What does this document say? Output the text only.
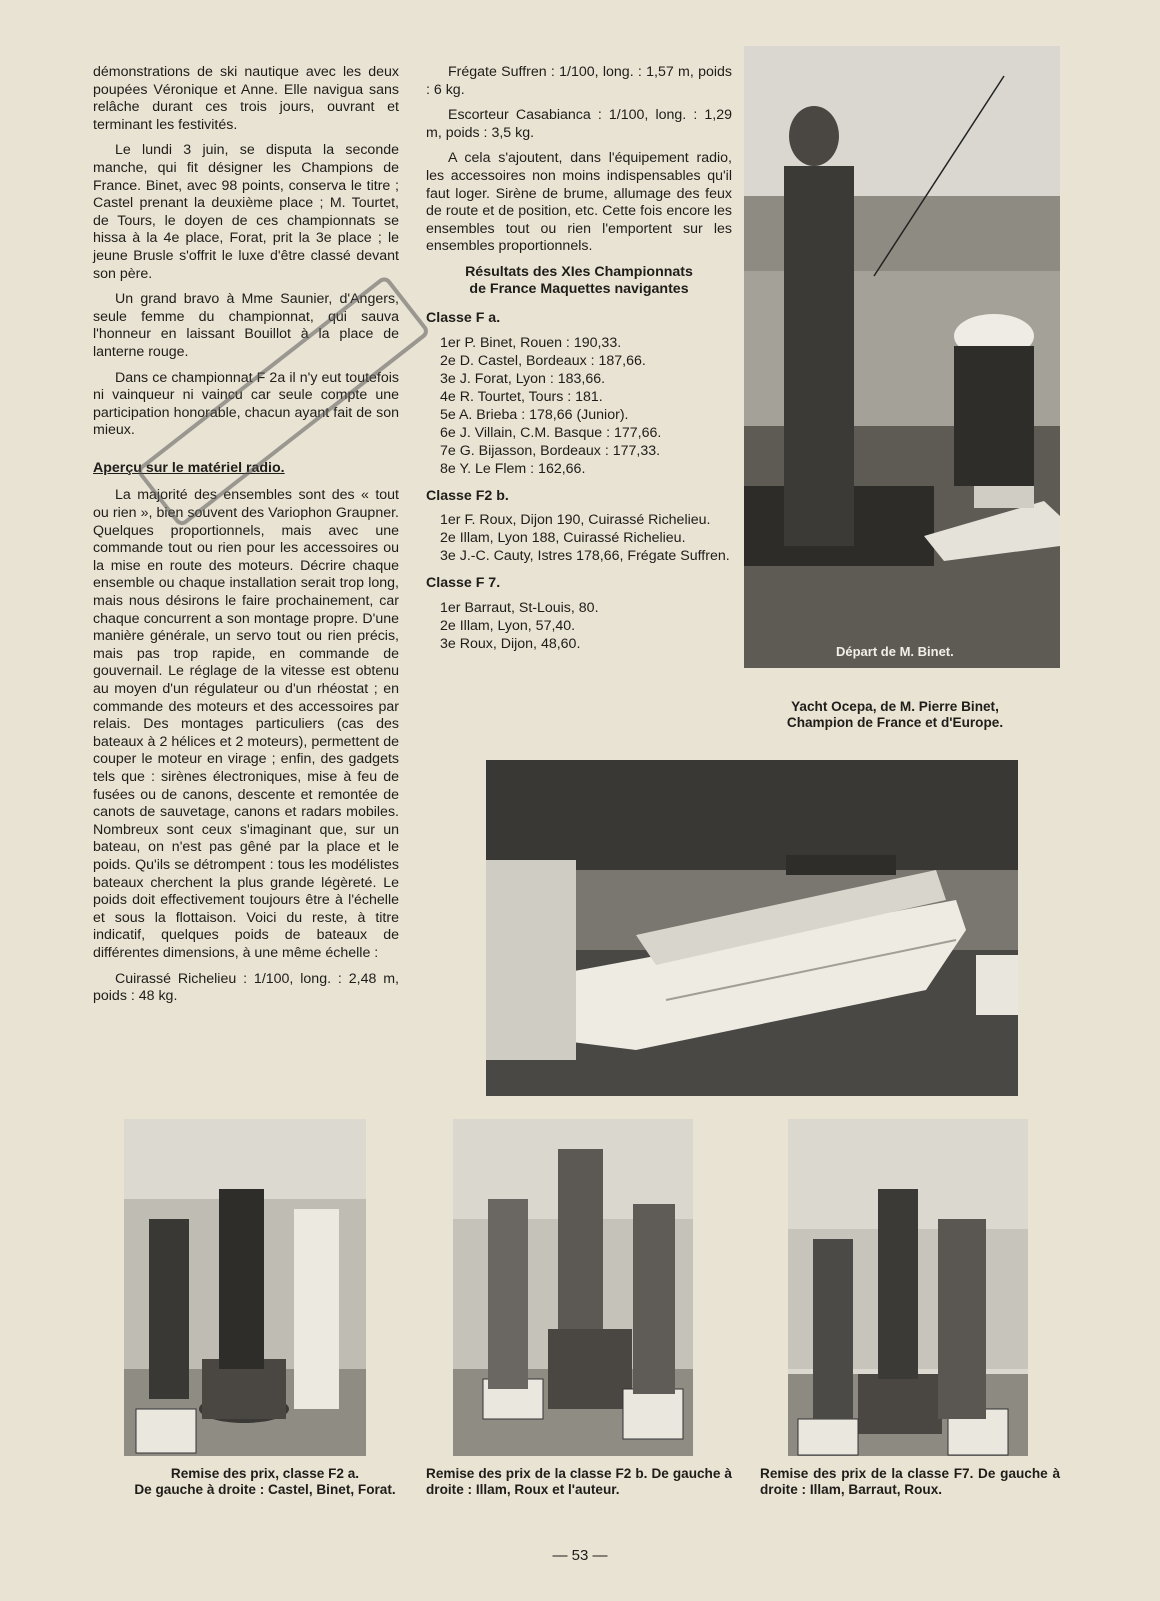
démonstrations de ski nautique avec les deux poupées Véronique et Anne. Elle navigua sans relâche durant ces trois jours, ouvrant et terminant les festivités.

Le lundi 3 juin, se disputa la seconde manche, qui fit désigner les Champions de France. Binet, avec 98 points, conserva le titre ; Castel prenant la deuxième place ; M. Tourtet, de Tours, le doyen de ces championnats se hissa à la 4e place, Forat, prit la 3e place ; le jeune Brusle s'offrit le luxe d'être classé devant son père.

Un grand bravo à Mme Saunier, d'Angers, seule femme du championnat, qui sauva l'honneur en laissant Bouillot à la place de lanterne rouge.

Dans ce championnat F 2a il n'y eut toutefois ni vainqueur ni vaincu car seule compte une participation honorable, chacun ayant fait de son mieux.

Aperçu sur le matériel radio.

La majorité des ensembles sont des « tout ou rien », bien souvent des Variophon Graupner. Quelques proportionnels, mais avec une commande tout ou rien pour les accessoires ou la mise en route des moteurs. Décrire chaque ensemble ou chaque installation serait trop long, mais nous désirons le faire prochainement, car chaque concurrent a son montage propre. D'une manière générale, un servo tout ou rien précis, mais pas trop rapide, en commande de gouvernail. Le réglage de la vitesse est obtenu au moyen d'un régulateur ou d'un rhéostat ; en commande des moteurs et des accessoires par relais. Des montages particuliers (cas des bateaux à 2 hélices et 2 moteurs), permettent de couper le moteur en virage ; enfin, des gadgets tels que : sirènes électroniques, mise à feu de fusées ou de canons, descente et remontée de canots de sauvetage, canons et radars mobiles. Nombreux sont ceux s'imaginant que, sur un bateau, on n'est pas gêné par la place et le poids. Qu'ils se détrompent : tous les modélistes bateaux cherchent la plus grande légèreté. Le poids doit effectivement toujours être à l'échelle et sous la flottaison. Voici du reste, à titre indicatif, quelques poids de bateaux de différentes dimensions, à une même échelle :

Cuirassé Richelieu : 1/100, long. : 2,48 m, poids : 48 kg.

Frégate Suffren : 1/100, long. : 1,57 m, poids : 6 kg.

Escorteur Casabianca : 1/100, long. : 1,29 m, poids : 3,5 kg.

A cela s'ajoutent, dans l'équipement radio, les accessoires non moins indispensables qu'il faut loger. Sirène de brume, allumage des feux de route et de position, etc. Cette fois encore les ensembles tout ou rien l'emportent sur les ensembles proportionnels.

Résultats des XIes Championnats
de France Maquettes navigantes
Classe F a.
1er P. Binet, Rouen : 190,33.
2e D. Castel, Bordeaux : 187,66.
3e J. Forat, Lyon : 183,66.
4e R. Tourtet, Tours : 181.
5e A. Brieba : 178,66 (Junior).
6e J. Villain, C.M. Basque : 177,66.
7e G. Bijasson, Bordeaux : 177,33.
8e Y. Le Flem : 162,66.
Classe F2 b.
1er F. Roux, Dijon 190, Cuirassé Richelieu.
2e Illam, Lyon 188, Cuirassé Richelieu.
3e J.-C. Cauty, Istres 178,66, Frégate Suffren.
Classe F 7.
1er Barraut, St-Louis, 80.
2e Illam, Lyon, 57,40.
3e Roux, Dijon, 48,60.	Départ de M. Binet.
Yacht Ocepa, de M. Pierre Binet,
Champion de France et d'Europe.
Remise des prix, classe F2 a.
De gauche à droite : Castel, Binet, Forat.
Remise des prix de la classe F2 b. De gauche à droite : Illam, Roux et l'auteur.
Remise des prix de la classe F7. De gauche à droite : Illam, Barraut, Roux.
— 53 —
